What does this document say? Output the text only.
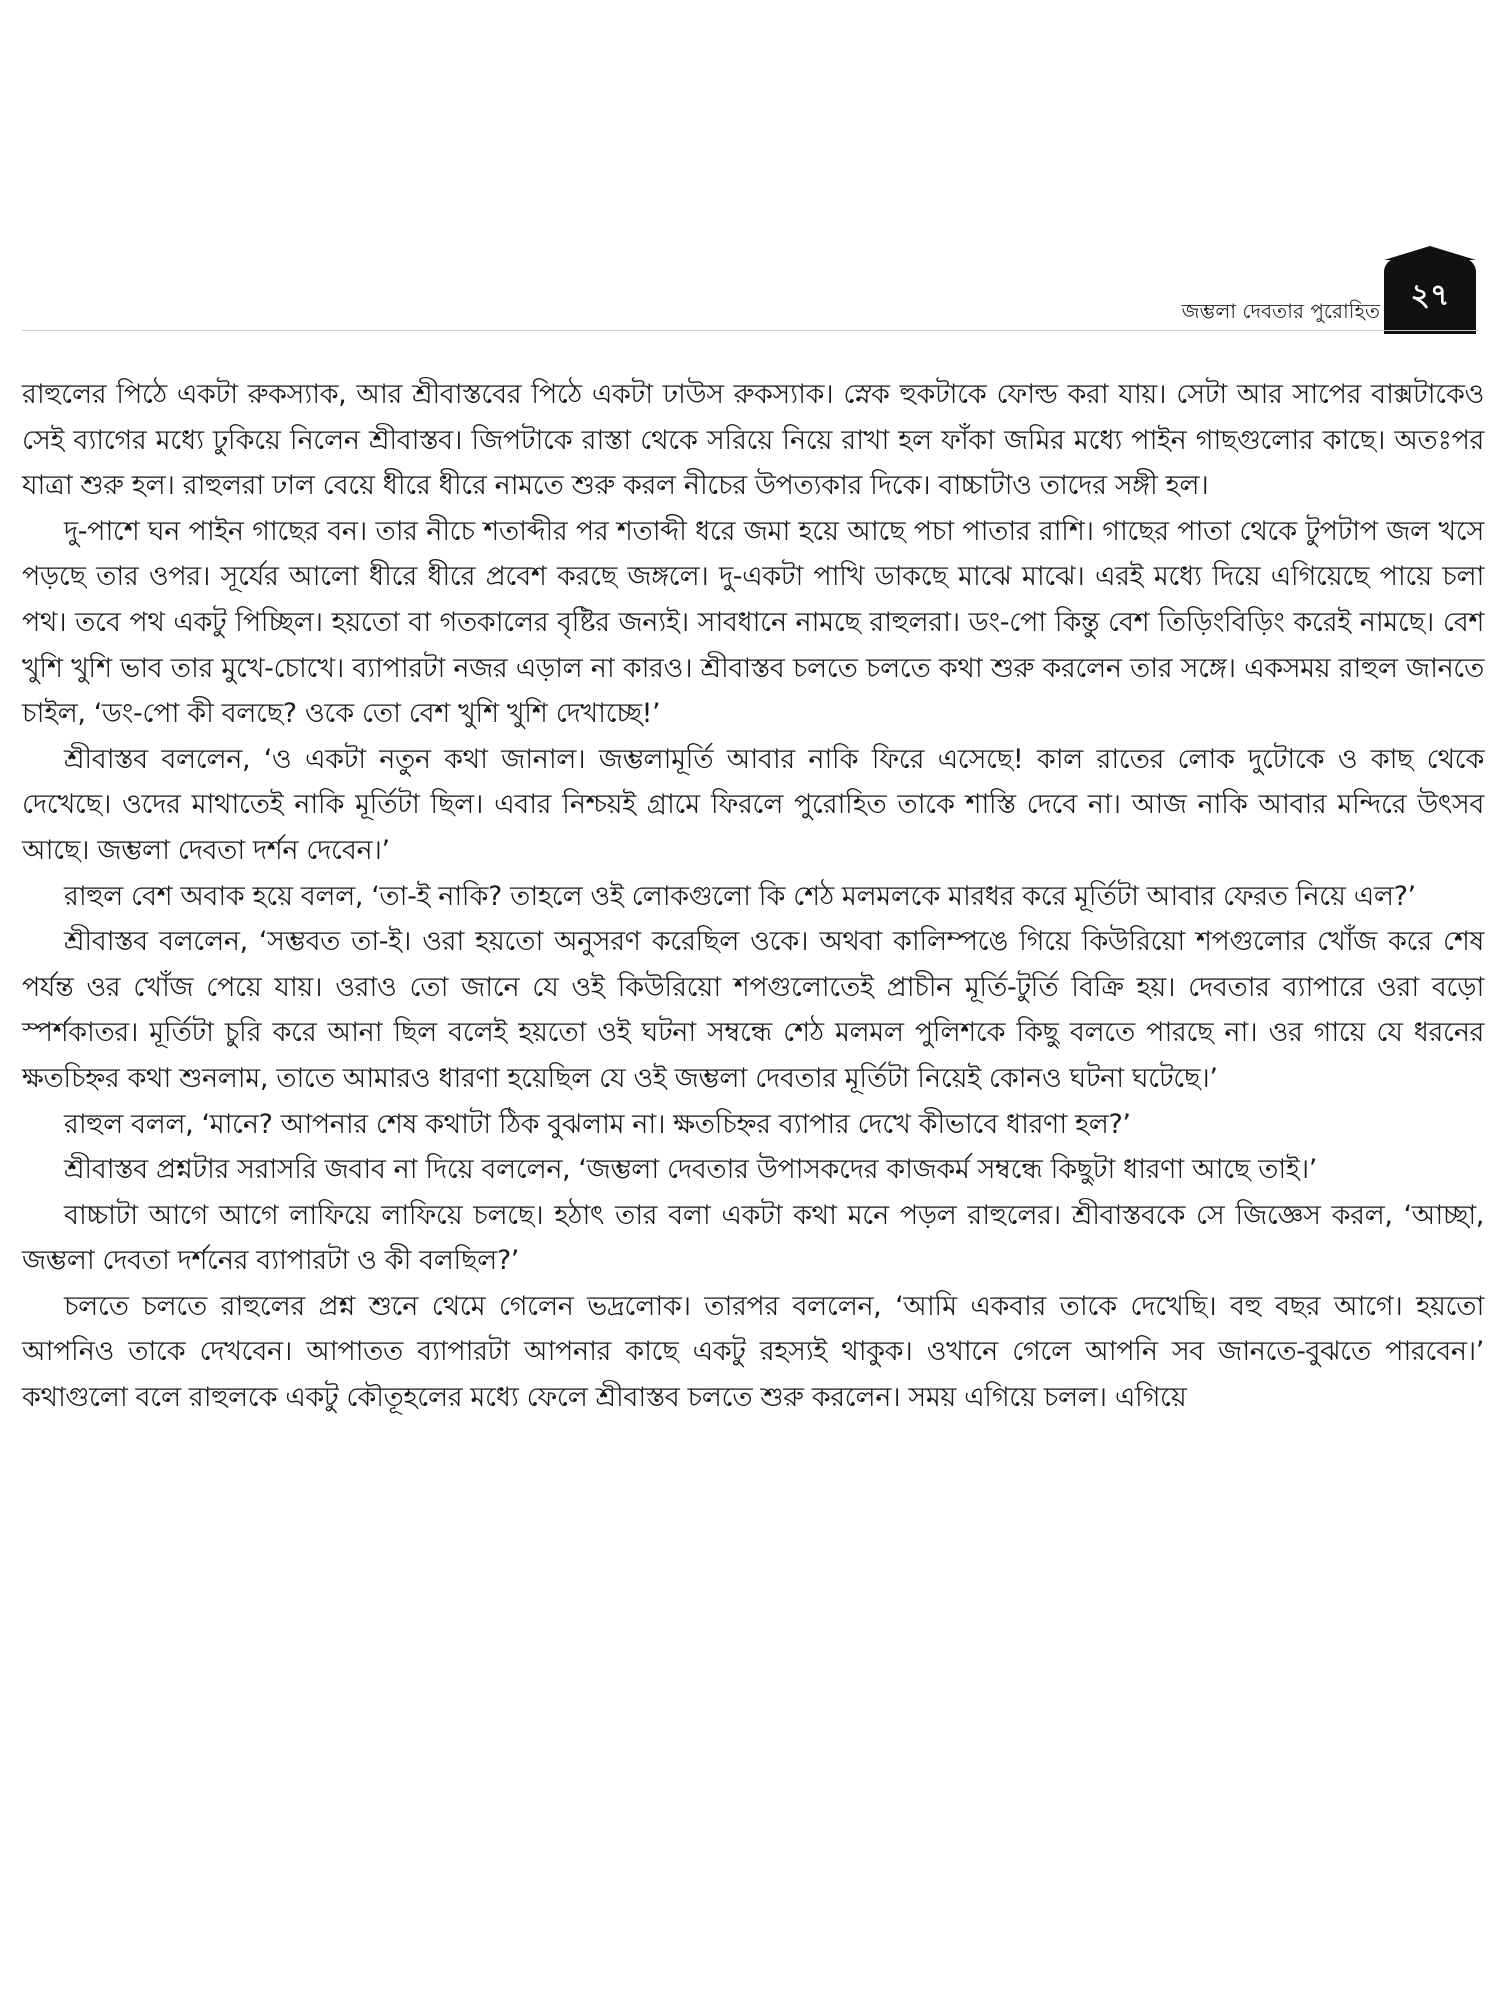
জম্ভলা দেবতার পুরোহিত	২৭

রাহুলের পিঠে একটা রুকস্যাক, আর শ্রীবাস্তবের পিঠে একটা ঢাউস রুকস্যাক। স্নেক হুকটাকে ফোল্ড করা যায়। সেটা আর সাপের বাক্সটাকেও সেই ব্যাগের মধ্যে ঢুকিয়ে নিলেন শ্রীবাস্তব। জিপটাকে রাস্তা থেকে সরিয়ে নিয়ে রাখা হল ফাঁকা জমির মধ্যে পাইন গাছগুলোর কাছে। অতঃপর যাত্রা শুরু হল। রাহুলরা ঢাল বেয়ে ধীরে ধীরে নামতে শুরু করল নীচের উপত্যকার দিকে। বাচ্চাটাও তাদের সঙ্গী হল।

দু-পাশে ঘন পাইন গাছের বন। তার নীচে শতাব্দীর পর শতাব্দী ধরে জমা হয়ে আছে পচা পাতার রাশি। গাছের পাতা থেকে টুপটাপ জল খসে পড়ছে তার ওপর। সূর্যের আলো ধীরে ধীরে প্রবেশ করছে জঙ্গলে। দু-একটা পাখি ডাকছে মাঝে মাঝে। এরই মধ্যে দিয়ে এগিয়েছে পায়ে চলা পথ। তবে পথ একটু পিচ্ছিল। হয়তো বা গতকালের বৃষ্টির জন্যই। সাবধানে নামছে রাহুলরা। ডং-পো কিন্তু বেশ তিড়িংবিড়িং করেই নামছে। বেশ খুশি খুশি ভাব তার মুখে-চোখে। ব্যাপারটা নজর এড়াল না কারও। শ্রীবাস্তব চলতে চলতে কথা শুরু করলেন তার সঙ্গে। একসময় রাহুল জানতে চাইল, ‘ডং-পো কী বলছে? ওকে তো বেশ খুশি খুশি দেখাচ্ছে!’

শ্রীবাস্তব বললেন, ‘ও একটা নতুন কথা জানাল। জম্ভলামূর্তি আবার নাকি ফিরে এসেছে! কাল রাতের লোক দুটোকে ও কাছ থেকে দেখেছে। ওদের মাথাতেই নাকি মূর্তিটা ছিল। এবার নিশ্চয়ই গ্রামে ফিরলে পুরোহিত তাকে শাস্তি দেবে না। আজ নাকি আবার মন্দিরে উৎসব আছে। জম্ভলা দেবতা দর্শন দেবেন।’

রাহুল বেশ অবাক হয়ে বলল, ‘তা-ই নাকি? তাহলে ওই লোকগুলো কি শেঠ মলমলকে মারধর করে মূর্তিটা আবার ফেরত নিয়ে এল?’

শ্রীবাস্তব বললেন, ‘সম্ভবত তা-ই। ওরা হয়তো অনুসরণ করেছিল ওকে। অথবা কালিম্পঙে গিয়ে কিউরিয়ো শপগুলোর খোঁজ করে শেষ পর্যন্ত ওর খোঁজ পেয়ে যায়। ওরাও তো জানে যে ওই কিউরিয়ো শপগুলোতেই প্রাচীন মূর্তি-টুর্তি বিক্রি হয়। দেবতার ব্যাপারে ওরা বড়ো স্পর্শকাতর। মূর্তিটা চুরি করে আনা ছিল বলেই হয়তো ওই ঘটনা সম্বন্ধে শেঠ মলমল পুলিশকে কিছু বলতে পারছে না। ওর গায়ে যে ধরনের ক্ষতচিহ্নর কথা শুনলাম, তাতে আমারও ধারণা হয়েছিল যে ওই জম্ভলা দেবতার মূর্তিটা নিয়েই কোনও ঘটনা ঘটেছে।’

রাহুল বলল, ‘মানে? আপনার শেষ কথাটা ঠিক বুঝলাম না। ক্ষতচিহ্নর ব্যাপার দেখে কীভাবে ধারণা হল?’

শ্রীবাস্তব প্রশ্নটার সরাসরি জবাব না দিয়ে বললেন, ‘জম্ভলা দেবতার উপাসকদের কাজকর্ম সম্বন্ধে কিছুটা ধারণা আছে তাই।’

বাচ্চাটা আগে আগে লাফিয়ে লাফিয়ে চলছে। হঠাৎ তার বলা একটা কথা মনে পড়ল রাহুলের। শ্রীবাস্তবকে সে জিজ্ঞেস করল, ‘আচ্ছা, জম্ভলা দেবতা দর্শনের ব্যাপারটা ও কী বলছিল?’

চলতে চলতে রাহুলের প্রশ্ন শুনে থেমে গেলেন ভদ্রলোক। তারপর বললেন, ‘আমি একবার তাকে দেখেছি। বহু বছর আগে। হয়তো আপনিও তাকে দেখবেন। আপাতত ব্যাপারটা আপনার কাছে একটু রহস্যই থাকুক। ওখানে গেলে আপনি সব জানতে-বুঝতে পারবেন।’ কথাগুলো বলে রাহুলকে একটু কৌতূহলের মধ্যে ফেলে শ্রীবাস্তব চলতে শুরু করলেন। সময় এগিয়ে চলল। এগিয়ে
